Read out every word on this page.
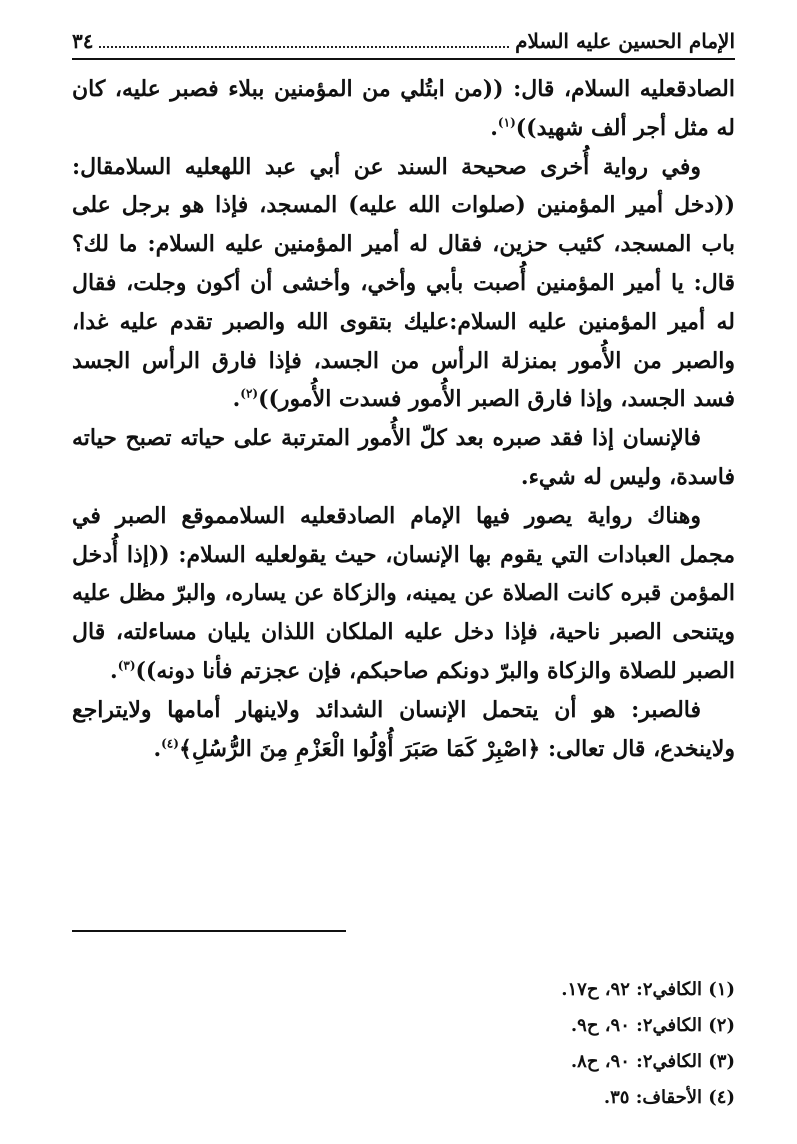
الإمام الحسين عليه السلام
٣٤

الصادقعليه السلام، قال: ((من ابتُلي من المؤمنين ببلاء فصبر عليه، كان له مثل أجر ألف شهيد))$^{(١)}$.

وفي رواية أُخرى صحيحة السند عن أبي عبد اللهعليه السلامقال: ((دخل أمير المؤمنين (صلوات الله عليه) المسجد، فإذا هو برجل على باب المسجد، كئيب حزين، فقال له أمير المؤمنين عليه السلام: ما لك؟ قال: يا أمير المؤمنين أُصبت بأبي وأخي، وأخشى أن أكون وجلت، فقال له أمير المؤمنين عليه السلام:عليك بتقوى الله والصبر تقدم عليه غدا، والصبر من الأُمور بمنزلة الرأس من الجسد، فإذا فارق الرأس الجسد فسد الجسد، وإذا فارق الصبر الأُمور فسدت الأُمور))$^{(٢)}$.

فالإنسان إذا فقد صبره بعد كلّ الأُمور المترتبة على حياته تصبح حياته فاسدة، وليس له شيء.

وهناك رواية يصور فيها الإمام الصادقعليه السلامموقع الصبر في مجمل العبادات التي يقوم بها الإنسان، حيث يقولعليه السلام: ((إذا أُدخل المؤمن قبره كانت الصلاة عن يمينه، والزكاة عن يساره، والبرّ مظل عليه ويتنحى الصبر ناحية، فإذا دخل عليه الملكان اللذان يليان مساءلته، قال الصبر للصلاة والزكاة والبرّ دونكم صاحبكم، فإن عجزتم فأنا دونه))$^{(٣)}$.

فالصبر: هو أن يتحمل الإنسان الشدائد ولاينهار أمامها ولايتراجع ولاينخدع، قال تعالى: ﴿اصْبِرْ كَمَا صَبَرَ أُوْلُوا الْعَزْمِ مِنَ الرُّسُلِ﴾$^{(٤)}$.

(١) الكافي٢: ٩٢، ح١٧.
(٢) الكافي٢: ٩٠، ح٩.
(٣) الكافي٢: ٩٠، ح٨.
(٤) الأحقاف: ٣٥.
